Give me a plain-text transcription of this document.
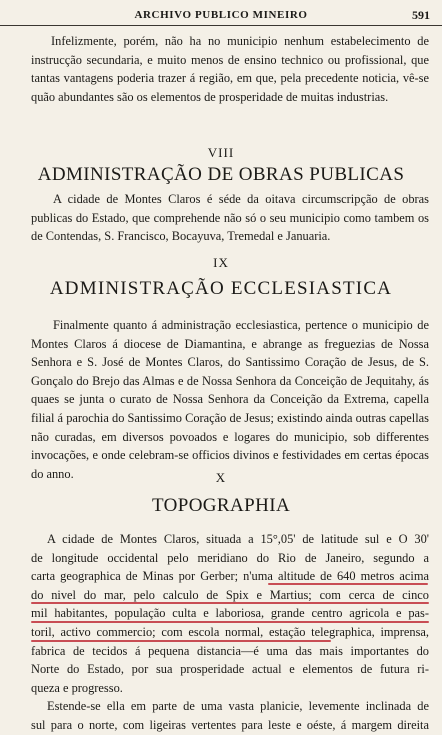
ARCHIVO PUBLICO MINEIRO	591

Infelizmente, porém, não ha no municipio nenhum estabelecimento de instrucção secundaria, e muito menos de ensino technico ou profissional, que tantas vantagens poderia trazer á região, em que, pela precedente noticia, vê-se quão abundantes são os elementos de prosperidade de muitas industrias.

VIII
ADMINISTRAÇÃO DE OBRAS PUBLICAS

A cidade de Montes Claros é séde da oitava circumscripção de obras publicas do Estado, que comprehende não só o seu municipio como tambem os de Contendas, S. Francisco, Bocayuva, Tremedal e Januaria.

IX
ADMINISTRAÇÃO ECCLESIASTICA

Finalmente quanto á administração ecclesiastica, pertence o municipio de Montes Claros á diocese de Diamantina, e abrange as freguezias de Nossa Senhora e S. José de Montes Claros, do Santissimo Coração de Jesus, de S. Gonçalo do Brejo das Almas e de Nossa Senhora da Conceição de Jequitahy, ás quaes se junta o curato de Nossa Senhora da Conceição da Extrema, capella filial á parochia do Santissimo Coração de Jesus; existindo ainda outras capellas não curadas, em diversos povoados e logares do municipio, sob differentes invocações, e onde celebram-se officios divinos e festividades em certas épocas do anno.	X
TOPOGRAPHIA
A cidade de Montes Claros, situada a 15°,05' de latitude sul e O 30'
de longitude occidental pelo meridiano do Rio de Janeiro, segundo a
carta geographica de Minas por Gerber; n'uma altitude de 640 metros acima
do nivel do mar, pelo calculo de Spix e Martius; com cerca de cinco
mil habitantes, população culta e laboriosa, grande centro agricola e pas-
toril, activo commercio; com escola normal, estação telegraphica, imprensa,
fabrica de tecidos á pequena distancia—é uma das mais importantes do
Norte do Estado, por sua prosperidade actual e elementos de futura ri-
queza e progresso.
Estende-se ella em parte de uma vasta planicie, levemente inclinada de
sul para o norte, com ligeiras vertentes para leste e oéste, á margem direita
